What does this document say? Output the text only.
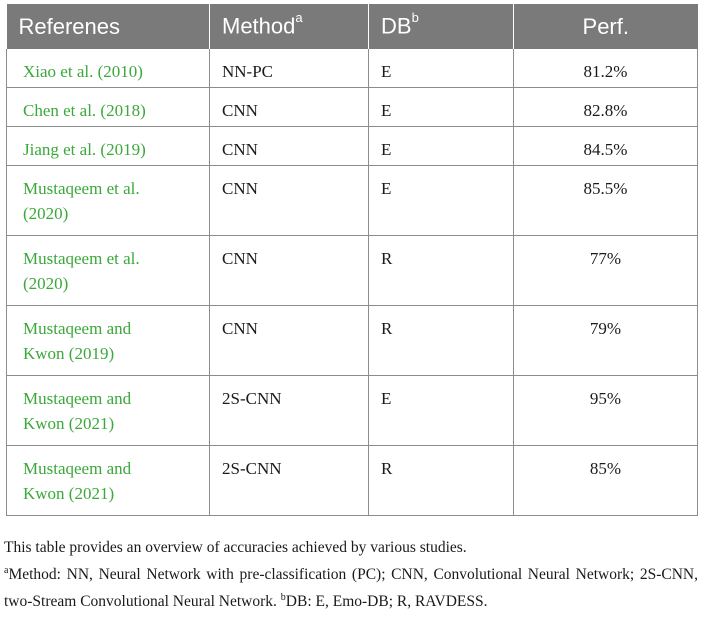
Referenes	Method$^a$	$DB^b$	Perf.
Xiao et al. (2010)	NN-PC	E	81.2%
Chen et al. (2018)	CNN	E	82.8%
Jiang et al. (2019)	CNN	E	84.5%
Mustaqeem et al.
(2020)	CNN	E	85.5%
Mustaqeem et al.
(2020)	CNN	R	77%
Mustaqeem and
Kwon (2019)	CNN	R	79%
Mustaqeem and
Kwon (2021)	2S-CNN	E	95%
Mustaqeem and
Kwon (2021)	2S-CNN	R	85%

This table provides an overview of accuracies achieved by various studies.

$^a$Method: NN, Neural Network with pre-classification (PC); CNN, Convolutional Neural Network; 2S-CNN, two-Stream Convolutional Neural Network. $^b$DB: E, Emo-DB; R, RAVDESS.
